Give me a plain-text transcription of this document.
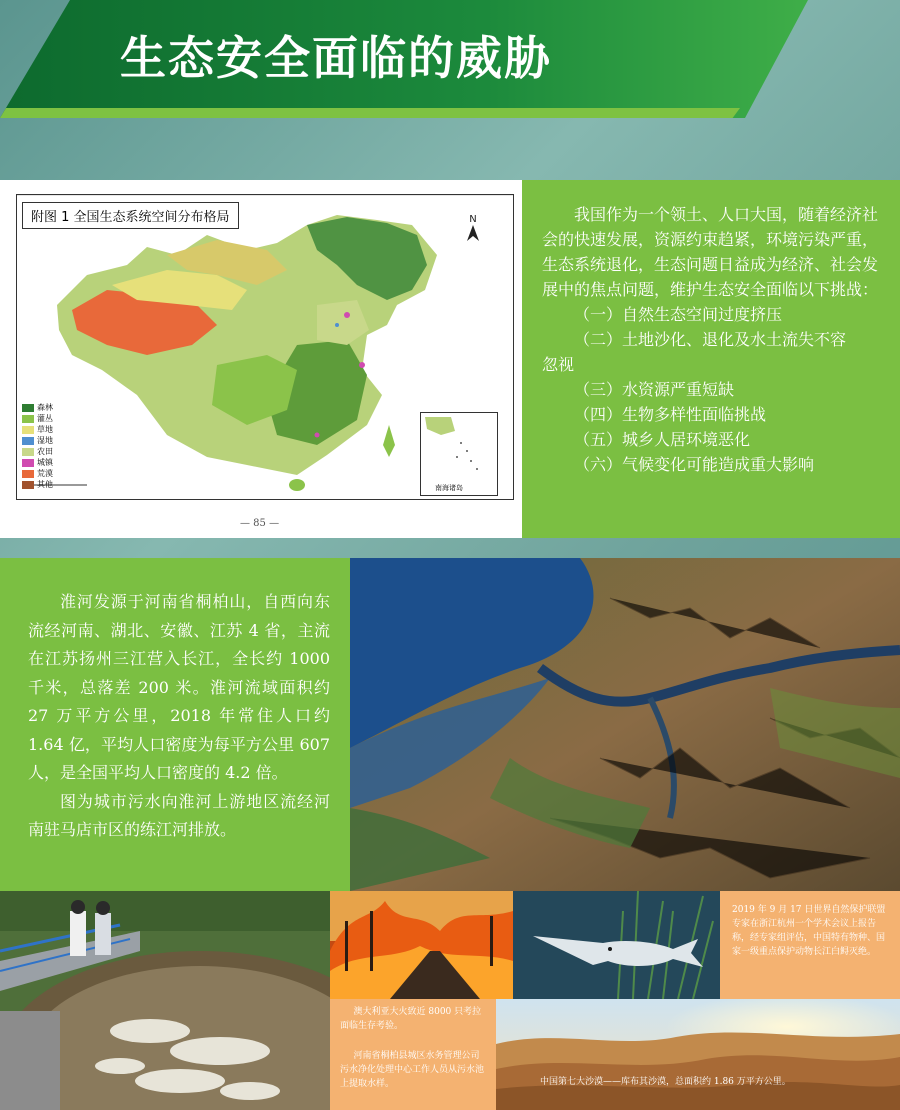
生态安全面临的威胁
附图 1 全国生态系统空间分布格局	N
森林
灌丛
草地
湿地
农田
城镇
荒漠
其他	南海诸岛
— 85 —

我国作为一个领土、人口大国，随着经济社会的快速发展，资源约束趋紧，环境污染严重，生态系统退化，生态问题日益成为经济、社会发展中的焦点问题，维护生态安全面临以下挑战：

（一）自然生态空间过度挤压

（二）土地沙化、退化及水土流失不容

忽视

（三）水资源严重短缺

（四）生物多样性面临挑战

（五）城乡人居环境恶化

（六）气候变化可能造成重大影响

淮河发源于河南省桐柏山，自西向东流经河南、湖北、安徽、江苏 4 省，主流在江苏扬州三江营入长江，全长约 1000 千米，总落差 200 米。淮河流域面积约 27 万平方公里，2018 年常住人口约 1.64 亿，平均人口密度为每平方公里 607 人，是全国平均人口密度的 4.2 倍。

图为城市污水向淮河上游地区流经河南驻马店市区的练江河排放。

2019 年 9 月 17 日世界自然保护联盟专家在浙江杭州一个学术会议上报告称，经专家组评估，中国特有物种、国家一级重点保护动物长江白鲟灭绝。

澳大利亚大火致近 8000 只考拉面临生存考验。

河南省桐柏县城区水务管理公司污水净化处理中心工作人员从污水池上提取水样。	中国第七大沙漠——库布其沙漠，总面积约 1.86 万平方公里。
